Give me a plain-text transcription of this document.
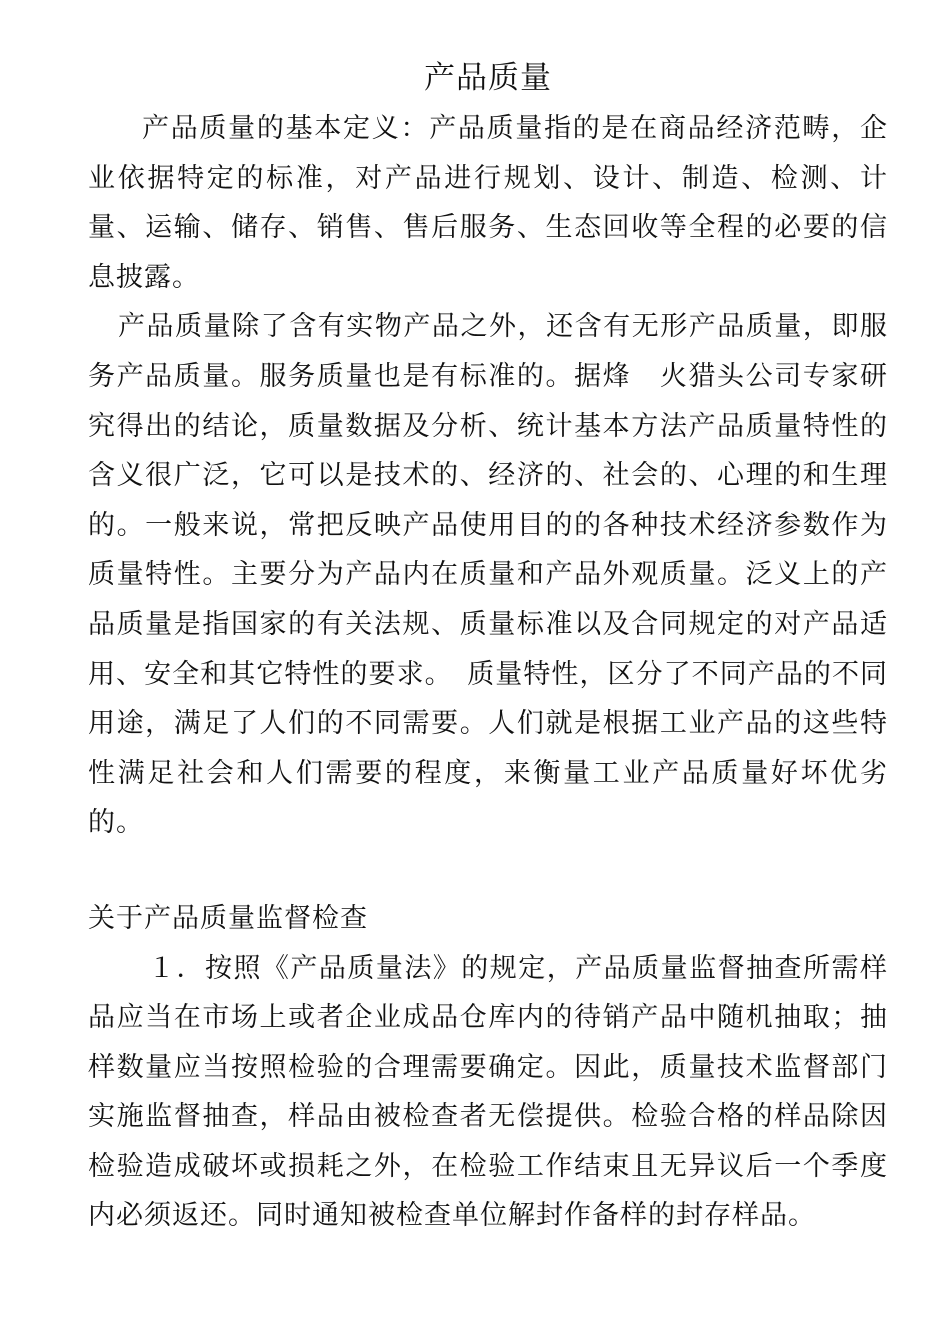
产品质量

产品质量的基本定义：产品质量指的是在商品经济范畴，企业依据特定的标准，对产品进行规划、设计、制造、检测、计量、运输、储存、销售、售后服务、生态回收等全程的必要的信息披露。

产品质量除了含有实物产品之外，还含有无形产品质量，即服务产品质量。服务质量也是有标准的。据烽　火猎头公司专家研究得出的结论，质量数据及分析、统计基本方法产品质量特性的含义很广泛，它可以是技术的、经济的、社会的、心理的和生理的。一般来说，常把反映产品使用目的的各种技术经济参数作为质量特性。主要分为产品内在质量和产品外观质量。泛义上的产品质量是指国家的有关法规、质量标准以及合同规定的对产品适用、安全和其它特性的要求。　质量特性，区分了不同产品的不同用途，满足了人们的不同需要。人们就是根据工业产品的这些特性满足社会和人们需要的程度，来衡量工业产品质量好坏优劣的。

关于产品质量监督检查

１．按照《产品质量法》的规定，产品质量监督抽查所需样品应当在市场上或者企业成品仓库内的待销产品中随机抽取；抽样数量应当按照检验的合理需要确定。因此，质量技术监督部门实施监督抽查，样品由被检查者无偿提供。检验合格的样品除因检验造成破坏或损耗之外，在检验工作结束且无异议后一个季度内必须返还。同时通知被检查单位解封作备样的封存样品。
